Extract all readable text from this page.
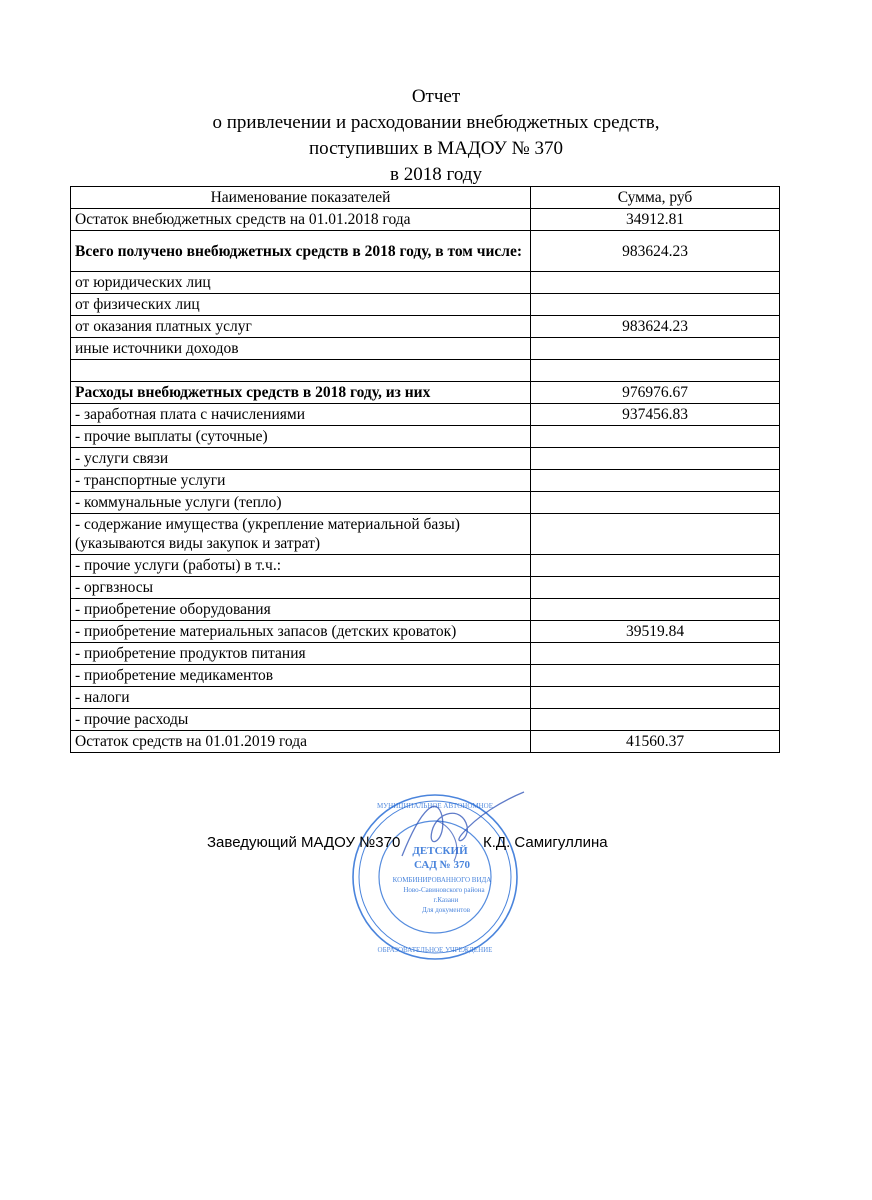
Отчет
о привлечении и расходовании внебюджетных средств,
поступивших в МАДОУ № 370
в 2018 году
Наименование показателей	Сумма, руб
Остаток внебюджетных средств на 01.01.2018 года	34912.81
Всего получено внебюджетных средств в 2018 году, в том числе:	983624.23
от юридических лиц	
от физических лиц	
от оказания платных услуг	983624.23
иные источники доходов	

Расходы внебюджетных средств в 2018 году, из них	976976.67
- заработная плата с начислениями	937456.83
- прочие выплаты (суточные)	
- услуги связи	
- транспортные услуги	
- коммунальные услуги (тепло)	
- содержание имущества (укрепление материальной базы)(указываются виды закупок и затрат)	
- прочие услуги (работы) в т.ч.:	
- оргвзносы	
- приобретение оборудования	
- приобретение материальных запасов (детских кроваток)	39519.84
- приобретение продуктов питания	
- приобретение медикаментов	
- налоги	
- прочие расходы	
Остаток средств на 01.01.2019 года	41560.37
МУНИЦИПАЛЬНОЕ АВТОНОМНОЕ
ОБРАЗОВАТЕЛЬНОЕ УЧРЕЖДЕНИЕ
ДЕТСКИЙ
САД № 370
КОМБИНИРОВАННОГО ВИДА
Ново-Савиновского района
г.Казани
Для документов
Заведующий МАДОУ №370	К.Д. Самигуллина
